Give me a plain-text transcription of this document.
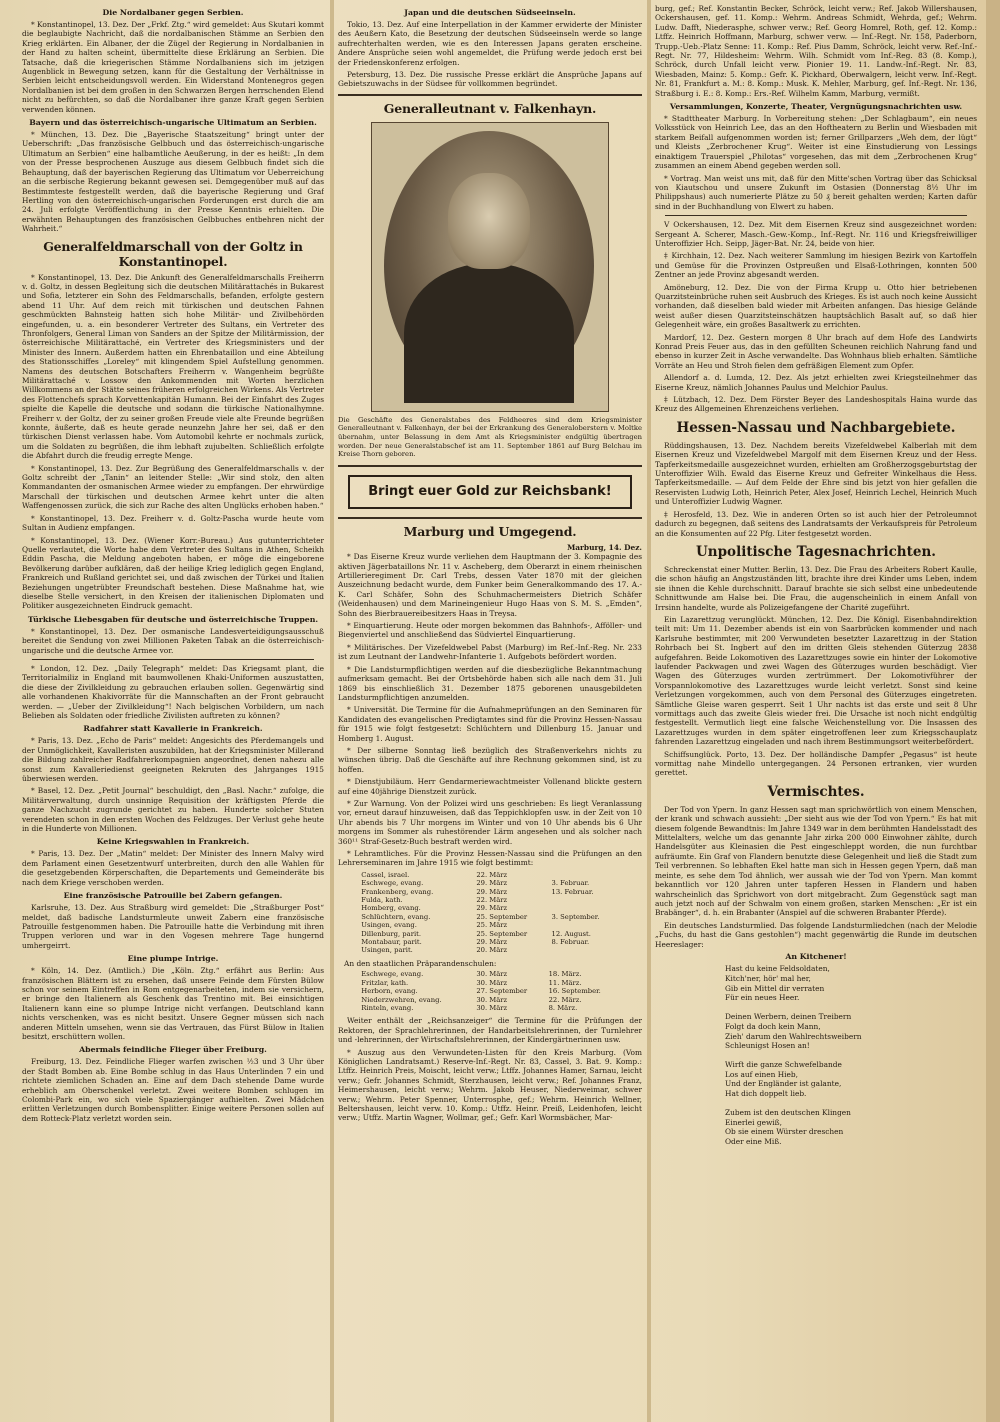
Die Nordalbaner gegen Serbien.

* Konstantinopel, 13. Dez. Der „Frkf. Ztg.“ wird gemeldet: Aus Skutari kommt die beglaubigte Nachricht, daß die nordalbanischen Stämme an Serbien den Krieg erklärten. Ein Albaner, der die Zügel der Regierung in Nordalbanien in der Hand zu halten scheint, übermittelte diese Erklärung an Serbien. Die Tatsache, daß die kriegerischen Stämme Nordalbaniens sich im jetzigen Augenblick in Bewegung setzen, kann für die Gestaltung der Verhältnisse in Serbien leicht entscheidungsvoll werden. Ein Widerstand Montenegros gegen Nordalbanien ist bei dem großen in den Schwarzen Bergen herrschenden Elend nicht zu befürchten, so daß die Nordalbaner ihre ganze Kraft gegen Serbien verwenden können.

Bayern und das österreichisch-ungarische Ultimatum an Serbien.

* München, 13. Dez. Die „Bayerische Staatszeitung“ bringt unter der Ueberschrift: „Das französische Gelbbuch und das österreichisch-ungarische Ultimatum an Serbien“ eine halbamtliche Aeußerung, in der es heißt: „In dem von der Presse besprochenen Auszuge aus diesem Gelbbuch findet sich die Behauptung, daß der bayerischen Regierung das Ultimatum vor Ueberreichung an die serbische Regierung bekannt gewesen sei. Demgegenüber muß auf das Bestimmteste festgestellt werden, daß die bayerische Regierung und Graf Hertling von den österreichisch-ungarischen Forderungen erst durch die am 24. Juli erfolgte Veröffentlichung in der Presse Kenntnis erhielten. Die erwähnten Behauptungen des französischen Gelbbuches entbehren nicht der Wahrheit.“

Generalfeldmarschall von der Goltz in Konstantinopel.

* Konstantinopel, 13. Dez. Die Ankunft des Generalfeldmarschalls Freiherrn v. d. Goltz, in dessen Begleitung sich die deutschen Militärattachés in Bukarest und Sofia, letzterer ein Sohn des Feldmarschalls, befanden, erfolgte gestern abend 11 Uhr. Auf dem reich mit türkischen und deutschen Fahnen geschmückten Bahnsteig hatten sich hohe Militär- und Zivilbehörden eingefunden, u. a. ein besonderer Vertreter des Sultans, ein Vertreter des Thronfolgers, General Liman von Sanders an der Spitze der Militärmission, der österreichische Militärattaché, ein Vertreter des Kriegsministers und der Minister des Innern. Außerdem hatten ein Ehrenbataillon und eine Abteilung des Stationsschiffes „Loreley“ mit klingendem Spiel Aufstellung genommen. Namens des deutschen Botschafters Freiherrn v. Wangenheim begrüßte Militärattaché v. Lossow den Ankommenden mit Worten herzlichen Willkommens an der Stätte seines früheren erfolgreichen Wirkens. Als Vertreter des Flottenchefs sprach Korvettenkapitän Humann. Bei der Einfahrt des Zuges spielte die Kapelle die deutsche und sodann die türkische Nationalhymne. Freiherr v. der Goltz, der zu seiner großen Freude viele alte Freunde begrüßen konnte, äußerte, daß es heute gerade neunzehn Jahre her sei, daß er den türkischen Dienst verlassen habe. Vom Automobil kehrte er nochmals zurück, um die Soldaten zu begrüßen, die ihm lebhaft zujubelten. Schließlich erfolgte die Abfahrt durch die freudig erregte Menge.

* Konstantinopel, 13. Dez. Zur Begrüßung des Generalfeldmarschalls v. der Goltz schreibt der „Tanin“ an leitender Stelle: „Wir sind stolz, den alten Kommandanten der osmanischen Armee wieder zu empfangen. Der ehrwürdige Marschall der türkischen und deutschen Armee kehrt unter die alten Waffengenossen zurück, die sich zur Rache des alten Unglücks erhoben haben.“

* Konstantinopel, 13. Dez. Freiherr v. d. Goltz-Pascha wurde heute vom Sultan in Audienz empfangen.

* Konstantinopel, 13. Dez. (Wiener Korr.-Bureau.) Aus gutunterrichteter Quelle verlautet, die Worte habe dem Vertreter des Sultans in Athen, Scheikh Eddin Pascha, die Meldung angeboten haben, er möge die eingeborene Bevölkerung darüber aufklären, daß der heilige Krieg lediglich gegen England, Frankreich und Rußland gerichtet sei, und daß zwischen der Türkei und Italien Beziehungen ungetrübter Freundschaft bestehen. Diese Maßnahme hat, wie dieselbe Stelle versichert, in den Kreisen der italienischen Diplomaten und Politiker ausgezeichneten Eindruck gemacht.

Türkische Liebesgaben für deutsche und österreichische Truppen.

* Konstantinopel, 13. Dez. Der osmanische Landesverteidigungsausschuß bereitet die Sendung von zwei Millionen Paketen Tabak an die österreichisch-ungarische und die deutsche Armee vor.

* London, 12. Dez. „Daily Telegraph“ meldet: Das Kriegsamt plant, die Territorialmiliz in England mit baumwollenen Khaki-Uniformen auszustatten, die diese der Zivilkleidung zu gebrauchen erlauben sollen. Gegenwärtig sind alle vorhandenen Khakivorräte für die Mannschaften an der Front gebraucht werden. — „Ueber der Zivilkleidung“! Nach belgischen Vorbildern, um nach Belieben als Soldaten oder friedliche Zivilisten auftreten zu können?

Radfahrer statt Kavallerie in Frankreich.

* Paris, 13. Dez. „Echo de Paris“ meldet: Angesichts des Pferdemangels und der Unmöglichkeit, Kavalleristen auszubilden, hat der Kriegsminister Millerand die Bildung zahlreicher Radfahrerkompagnien angeordnet, denen nahezu alle sonst zum Kavalleriedienst geeigneten Rekruten des Jahrganges 1915 überwiesen werden.

* Basel, 12. Dez. „Petit Journal“ beschuldigt, den „Basl. Nachr.“ zufolge, die Militärverwaltung, durch unsinnige Requisition der kräftigsten Pferde die ganze Nachzucht zugrunde gerichtet zu haben. Hunderte solcher Stuten verendeten schon in den ersten Wochen des Feldzuges. Der Verlust gehe heute in die Hunderte von Millionen.

Keine Kriegswahlen in Frankreich.

* Paris, 13. Dez. Der „Matin“ meldet: Der Minister des Innern Malvy wird dem Parlament einen Gesetzentwurf unterbreiten, durch den alle Wahlen für die gesetzgebenden Körperschaften, die Departements und Gemeinderäte bis nach dem Kriege verschoben werden.

Eine französische Patrouille bei Zabern gefangen.

Karlsruhe, 13. Dez. Aus Straßburg wird gemeldet: Die „Straßburger Post“ meldet, daß badische Landsturmleute unweit Zabern eine französische Patrouille festgenommen haben. Die Patrouille hatte die Verbindung mit ihren Truppen verloren und war in den Vogesen mehrere Tage hungernd umhergeirrt.

Eine plumpe Intrige.

* Köln, 14. Dez. (Amtlich.) Die „Köln. Ztg.“ erfährt aus Berlin: Aus französischen Blättern ist zu ersehen, daß unsere Feinde dem Fürsten Bülow schon vor seinem Eintreffen in Rom entgegenarbeiteten, indem sie versichern, er bringe den Italienern als Geschenk das Trentino mit. Bei einsichtigen Italienern kann eine so plumpe Intrige nicht verfangen. Deutschland kann nichts verschenken, was es nicht besitzt. Unsere Gegner müssen sich nach anderen Mitteln umsehen, wenn sie das Vertrauen, das Fürst Bülow in Italien besitzt, erschüttern wollen.

Abermals feindliche Flieger über Freiburg.

Freiburg, 13. Dez. Feindliche Flieger warfen zwischen ½3 und 3 Uhr über der Stadt Bomben ab. Eine Bombe schlug in das Haus Unterlinden 7 ein und richtete ziemlichen Schaden an. Eine auf dem Dach stehende Dame wurde erheblich am Oberschenkel verletzt. Zwei weitere Bomben schlugen im Colombi-Park ein, wo sich viele Spaziergänger aufhielten. Zwei Mädchen erlitten Verletzungen durch Bombensplitter. Einige weitere Personen sollen auf dem Rotteck-Platz verletzt worden sein.

Japan und die deutschen Südseeinseln.

Tokio, 13. Dez. Auf eine Interpellation in der Kammer erwiderte der Minister des Aeußern Kato, die Besetzung der deutschen Südseeinseln werde so lange aufrechterhalten werden, wie es den Interessen Japans geraten erscheine. Andere Ansprüche seien wohl angemeldet, die Prüfung werde jedoch erst bei der Friedenskonferenz erfolgen.

Petersburg, 13. Dez. Die russische Presse erklärt die Ansprüche Japans auf Gebietszuwachs in der Südsee für vollkommen begründet.

Generalleutnant v. Falkenhayn.
Die Geschäfte des Generalstabes des Feldheeres sind dem Kriegsminister Generalleutnant v. Falkenhayn, der bei der Erkrankung des Generaloberstern v. Moltke übernahm, unter Belassung in dem Amt als Kriegsminister endgültig übertragen worden. Der neue Generalstabschef ist am 11. September 1861 auf Burg Belchau im Kreise Thorn geboren.
Bringt euer Gold zur Reichsbank!
Marburg und Umgegend.
Marburg, 14. Dez.

* Das Eiserne Kreuz wurde verliehen dem Hauptmann der 3. Kompagnie des aktiven Jägerbataillons Nr. 11 v. Ascheberg, dem Oberarzt in einem rheinischen Artillerieregiment Dr. Carl Trebs, dessen Vater 1870 mit der gleichen Auszeichnung bedacht wurde, dem Funker beim Generalkommando des 17. A.-K. Carl Schäfer, Sohn des Schuhmachermeisters Dietrich Schäfer (Weidenhausen) und dem Marineingenieur Hugo Haas von S. M. S. „Emden“, Sohn des Bierbrauereibesitzers Haas in Treysa.

* Einquartierung. Heute oder morgen bekommen das Bahnhofs-, Afföller- und Biegenviertel und anschließend das Südviertel Einquartierung.

* Militärisches. Der Vizefeldwebel Pabst (Marburg) im Ref.-Inf.-Reg. Nr. 233 ist zum Leutnant der Landwehr-Infanterie 1. Aufgebots befördert worden.

* Die Landsturmpflichtigen werden auf die diesbezügliche Bekanntmachung aufmerksam gemacht. Bei der Ortsbehörde haben sich alle nach dem 31. Juli 1869 bis einschließlich 31. Dezember 1875 geborenen unausgebildeten Landsturmpflichtigen anzumelden.

* Universität. Die Termine für die Aufnahmeprüfungen an den Seminaren für Kandidaten des evangelischen Predigtamtes sind für die Provinz Hessen-Nassau für 1915 wie folgt festgesetzt: Schlüchtern und Dillenburg 15. Januar und Homberg 1. August.

* Der silberne Sonntag ließ bezüglich des Straßenverkehrs nichts zu wünschen übrig. Daß die Geschäfte auf ihre Rechnung gekommen sind, ist zu hoffen.

* Dienstjubiläum. Herr Gendarmeriewachtmeister Vollenand blickte gestern auf eine 40jährige Dienstzeit zurück.

* Zur Warnung. Von der Polizei wird uns geschrieben: Es liegt Veranlassung vor, erneut darauf hinzuweisen, daß das Teppichklopfen usw. in der Zeit von 10 Uhr abends bis 7 Uhr morgens im Winter und von 10 Uhr abends bis 6 Uhr morgens im Sommer als ruhestörender Lärm angesehen und als solcher nach 360¹¹ Straf-Gesetz-Buch bestraft werden wird.

* Lehramtliches. Für die Provinz Hessen-Nassau sind die Prüfungen an den Lehrerseminaren im Jahre 1915 wie folgt bestimmt:

Cassel, israel.	22. März	
Eschwege, evang.	29. März	3. Februar.
Frankenberg, evang.	29. März	13. Februar.
Fulda, kath.	22. März	
Homberg, evang.	29. März	
Schlüchtern, evang.	25. September	3. September.
Usingen, evang.	25. März	
Dillenburg, parit.	25. September	12. August.
Montabaur, parit.	29. März	8. Februar.
Usingen, parit.	20. März	
An den staatlichen Präparandenschulen:
Eschwege, evang.	30. März	18. März.
Fritzlar, kath.	30. März	11. März.
Herborn, evang.	27. September	16. September.
Niederzwehren, evang.	30. März	22. März.
Rinteln, evang.	30. März	8. März.

Weiter enthält der „Reichsanzeiger“ die Termine für die Prüfungen der Rektoren, der Sprachlehrerinnen, der Handarbeitslehrerinnen, der Turnlehrer und -lehrerinnen, der Wirtschaftslehrerinnen, der Kindergärtnerinnen usw.

* Auszug aus den Verwundeten-Listen für den Kreis Marburg. (Vom Königlichen Landratsamt.) Reserve-Inf.-Regt. Nr. 83, Cassel, 3. Bat. 9. Komp.: Ltffz. Heinrich Preis, Moischt, leicht verw.; Ltffz. Johannes Hamer, Sarnau, leicht verw.; Gefr. Johannes Schmidt, Sterzhausen, leicht verw.; Ref. Johannes Franz, Heimershausen, leicht verw.; Wehrm. Jakob Heuser, Niederweimar, schwer verw.; Wehrm. Peter Spenner, Unterrosphe, gef.; Wehrm. Heinrich Wellner, Beltershausen, leicht verw. 10. Komp.: Utffz. Heinr. Preiß, Leidenhofen, leicht verw.; Utffz. Martin Wagner, Wollmar, gef.; Gefr. Karl Wormsbächer, Mar-

burg, gef.; Ref. Konstantin Becker, Schröck, leicht verw.; Ref. Jakob Willershausen, Ockershausen, gef. 11. Komp.: Wehrm. Andreas Schmidt, Wehrda, gef.; Wehrm. Ludw. Dafft, Niederasphe, schwer verw.; Ref. Georg Homrel, Roth, gef. 12. Komp.: Ltffz. Heinrich Hoffmann, Marburg, schwer verw. — Inf.-Regt. Nr. 158, Paderborn, Trupp.-Ueb.-Platz Senne: 11. Komp.: Ref. Pius Damm, Schröck, leicht verw. Ref.-Inf.-Regt. Nr. 77, Hildesheim: Wehrm. Wilh. Schmidt vom Inf.-Reg. 83 (8. Komp.), Schröck, durch Unfall leicht verw. Pionier 19. 11. Landw.-Inf.-Regt. Nr. 83, Wiesbaden, Mainz: 5. Komp.: Gefr. K. Pickhard, Oberwalgern, leicht verw. Inf.-Regt. Nr. 81, Frankfurt a. M.: 8. Komp.: Musk. K. Mehler, Marburg, gef. Inf.-Regt. Nr. 136, Straßburg i. E.: 8. Komp.: Ers.-Ref. Wilhelm Kamm, Marburg, vermißt.

Versammlungen, Konzerte, Theater, Vergnügungsnachrichten usw.

* Stadttheater Marburg. In Vorbereitung stehen: „Der Schlagbaum“, ein neues Volksstück von Heinrich Lee, das an den Hoftheatern zu Berlin und Wiesbaden mit starkem Beifall aufgenommen worden ist; ferner Grillparzers „Weh dem, der lügt“ und Kleists „Zerbrochener Krug“. Weiter ist eine Einstudierung von Lessings einaktigem Trauerspiel „Philotas“ vorgesehen, das mit dem „Zerbrochenen Krug“ zusammen an einem Abend gegeben werden soll.

* Vortrag. Man weist uns mit, daß für den Mitte'schen Vortrag über das Schicksal von Kiautschou und unsere Zukunft im Ostasien (Donnerstag 8½ Uhr im Philippshaus) auch numerierte Plätze zu 50 ₰ bereit gehalten werden; Karten dafür sind in der Buchhandlung von Elwert zu haben.

V Ockershausen, 12. Dez. Mit dem Eisernen Kreuz sind ausgezeichnet worden: Sergeant A. Scherer, Masch.-Gew.-Komp., Inf.-Regt. Nr. 116 und Kriegsfreiwilliger Unteroffizier Hch. Seipp, Jäger-Bat. Nr. 24, beide von hier.

‡ Kirchhain, 12. Dez. Nach weiterer Sammlung im hiesigen Bezirk von Kartoffeln und Gemüse für die Provinzen Ostpreußen und Elsaß-Lothringen, konnten 500 Zentner an jede Provinz abgesandt werden.

Amöneburg, 12. Dez. Die von der Firma Krupp u. Otto hier betriebenen Quarzitsteinbrüche ruhen seit Ausbruch des Krieges. Es ist auch noch keine Aussicht vorhanden, daß dieselben bald wieder mit Arbeiten anfangen. Das hiesige Gelände weist außer diesen Quarzitsteinschätzen hauptsächlich Basalt auf, so daß hier Gelegenheit wäre, ein großes Basaltwerk zu errichten.

Mardorf, 12. Dez. Gestern morgen 8 Uhr brach auf dem Hofe des Landwirts Konrad Preis Feuer aus, das in den gefüllten Scheunen reichlich Nahrung fand und ebenso in kurzer Zeit in Asche verwandelte. Das Wohnhaus blieb erhalten. Sämtliche Vorräte an Heu und Stroh fielen dem gefräßigen Element zum Opfer.

Allendorf a. d. Lumda, 12. Dez. Als jetzt erhielten zwei Kriegsteilnehmer das Eiserne Kreuz, nämlich Johannes Paulus und Melchior Paulus.

‡ Lützbach, 12. Dez. Dem Förster Beyer des Landeshospitals Haina wurde das Kreuz des Allgemeinen Ehrenzeichens verliehen.

Hessen-Nassau und Nachbargebiete.

Rüddingshausen, 13. Dez. Nachdem bereits Vizefeldwebel Kalberlah mit dem Eisernen Kreuz und Vizefeldwebel Margolf mit dem Eisernen Kreuz und der Hess. Tapferkeitsmedaille ausgezeichnet wurden, erhielten am Großherzogsgeburtstag der Unteroffizier Wilh. Ewald das Eiserne Kreuz und Gefreiter Winkelhaus die Hess. Tapferkeitsmedaille. — Auf dem Felde der Ehre sind bis jetzt von hier gefallen die Reservisten Ludwig Loth, Heinrich Peter, Alex Josef, Heinrich Lechel, Heinrich Much und Unteroffizier Ludwig Wagner.

‡ Herosfeld, 13. Dez. Wie in anderen Orten so ist auch hier der Petroleumnot dadurch zu begegnen, daß seitens des Landratsamts der Verkaufspreis für Petroleum an die Konsumenten auf 22 Pfg. Liter festgesetzt worden.

Unpolitische Tagesnachrichten.

Schreckenstat einer Mutter. Berlin, 13. Dez. Die Frau des Arbeiters Robert Kaulle, die schon häufig an Angstzuständen litt, brachte ihre drei Kinder ums Leben, indem sie ihnen die Kehle durchschnitt. Darauf brachte sie sich selbst eine unbedeutende Schnittwunde am Halse bei. Die Frau, die augenscheinlich in einem Anfall von Irrsinn handelte, wurde als Polizeigefangene der Charité zugeführt.

Ein Lazarettzug verunglückt. München, 12. Dez. Die Königl. Eisenbahndirektion teilt mit: Um 11. Dezember abends ist ein von Saarbrücken kommender und nach Karlsruhe bestimmter, mit 200 Verwundeten besetzter Lazarettzug in der Station Rohrbach bei St. Ingbert auf den im dritten Gleis stehenden Güterzug 2838 aufgefahren. Beide Lokomotiven des Lazarettzuges sowie ein hinter der Lokomotive laufender Packwagen und zwei Wagen des Güterzuges wurden beschädigt. Vier Wagen des Güterzuges wurden zertrümmert. Der Lokomotivführer der Vorspannlokomotive des Lazarettzuges wurde leicht verletzt. Sonst sind keine Verletzungen vorgekommen, auch von dem Personal des Güterzuges eingetreten. Sämtliche Gleise waren gesperrt. Seit 1 Uhr nachts ist das erste und seit 8 Uhr vormittags auch das zweite Gleis wieder frei. Die Ursache ist noch nicht endgültig festgestellt. Vermutlich liegt eine falsche Weichenstellung vor. Die Insassen des Lazarettzuges wurden in dem später eingetroffenen leer zum Kriegsschauplatz fahrenden Lazarettzug eingeladen und nach ihrem Bestimmungsort weiterbefördert.

Schiffsunglück. Porto, 13. Dez. Der holländische Dampfer „Pegasus“ ist heute vormittag nahe Mindello untergegangen. 24 Personen ertranken, vier wurden gerettet.

Vermischtes.

Der Tod von Ypern. In ganz Hessen sagt man sprichwörtlich von einem Menschen, der krank und schwach aussieht: „Der sieht aus wie der Tod von Ypern.“ Es hat mit diesem folgende Bewandtnis: Im Jahre 1349 war in dem berühmten Handelsstadt des Mittelalters, welche um das genannte Jahr zirka 200 000 Einwohner zählte, durch Handelsgüter aus Kleinasien die Pest eingeschleppt worden, die nun furchtbar aufräumte. Ein Graf von Flandern benutzte diese Gelegenheit und ließ die Stadt zum Teil verbrennen. So lebhaften Ekel hatte man sich in Hessen gegen Ypern, daß man meinte, es sehe dem Tod ähnlich, wer aussah wie der Tod von Ypern. Man kommt bekanntlich vor 120 Jahren unter tapferen Hessen in Flandern und haben wahrscheinlich das Sprichwort von dort mitgebracht. Zum Gegenstück sagt man auch jetzt noch auf der Schwalm von einem großen, starken Menschen: „Er ist ein Brabänger“, d. h. ein Brabanter (Anspiel auf die schweren Brabanter Pferde).

Ein deutsches Landsturmlied. Das folgende Landsturmliedchen (nach der Melodie „Fuchs, du hast die Gans gestohlen“) macht gegenwärtig die Runde im deutschen Heereslager:

An Kitchener!
Hast du keine Feldsoldaten,
Kitch'ner, hör' mal her,
Gib ein Mittel dir verraten
Für ein neues Heer.

Deinen Werbern, deinen Treibern
Folgt da doch kein Mann,
Zieh' darum den Wahlrechtsweibern
Schleunigst Hosen an!

Wirft die ganze Schwefelbande
Los auf einen Hieb,
Und der Engländer ist galante,
Hat dich doppelt lieb.

Zubem ist den deutschen Klingen
Einerlei gewiß,
Ob sie einem Würster dreschen
Oder eine Miß.
